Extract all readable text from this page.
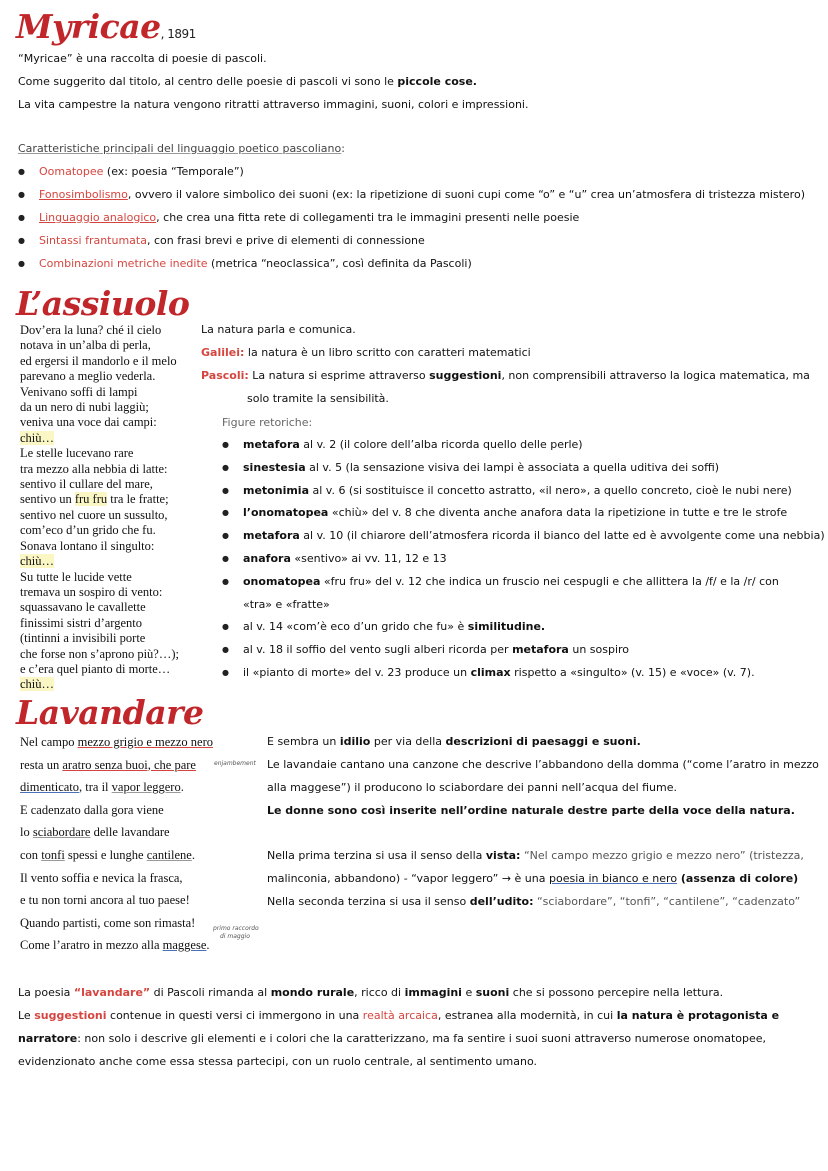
Myricae, 1891
“Myricae” è una raccolta di poesie di pascoli.
Come suggerito dal titolo, al centro delle poesie di pascoli vi sono le piccole cose.
La vita campestre la natura vengono ritratti attraverso immagini, suoni, colori e impressioni.
Caratteristiche principali del linguaggio poetico pascoliano:
● Oomatopee (ex: poesia “Temporale”)
● Fonosimbolismo, ovvero il valore simbolico dei suoni (ex: la ripetizione di suoni cupi come “o” e “u” crea un’atmosfera di tristezza mistero)
● Linguaggio analogico, che crea una fitta rete di collegamenti tra le immagini presenti nelle poesie
● Sintassi frantumata, con frasi brevi e prive di elementi di connessione
● Combinazioni metriche inedite (metrica “neoclassica”, così definita da Pascoli)
L’assiuolo
Dov’era la luna? ché il cielo
notava in un’alba di perla,
ed ergersi il mandorlo e il melo
parevano a meglio vederla.
Venivano soffi di lampi
da un nero di nubi laggiù;
veniva una voce dai campi:
chiù…
Le stelle lucevano rare
tra mezzo alla nebbia di latte:
sentivo il cullare del mare,
sentivo un fru fru tra le fratte;
sentivo nel cuore un sussulto,
com’eco d’un grido che fu.
Sonava lontano il singulto:
chiù…
Su tutte le lucide vette
tremava un sospiro di vento:
squassavano le cavallette
finissimi sistri d’argento
(tintinni a invisibili porte
che forse non s’aprono più?…);
e c’era quel pianto di morte…
chiù…
La natura parla e comunica.
Galilei: la natura è un libro scritto con caratteri matematici
Pascoli: La natura si esprime attraverso suggestioni, non comprensibili attraverso la logica matematica, ma
solo tramite la sensibilità.
Figure retoriche:
● metafora al v. 2 (il colore dell’alba ricorda quello delle perle)
● sinestesia al v. 5 (la sensazione visiva dei lampi è associata a quella uditiva dei soffi)
● metonimia al v. 6 (si sostituisce il concetto astratto, «il nero», a quello concreto, cioè le nubi nere)
● l’onomatopea «chiù» del v. 8 che diventa anche anafora data la ripetizione in tutte e tre le strofe
● metafora al v. 10 (il chiarore dell’atmosfera ricorda il bianco del latte ed è avvolgente come una nebbia)
● anafora «sentivo» ai vv. 11, 12 e 13
● onomatopea «fru fru» del v. 12 che indica un fruscio nei cespugli e che allittera la /f/ e la /r/ con
«tra» e «fratte»
● al v. 14 «com’è eco d’un grido che fu» è similitudine.
● al v. 18 il soffio del vento sugli alberi ricorda per metafora un sospiro
● il «pianto di morte» del v. 23 produce un climax rispetto a «singulto» (v. 15) e «voce» (v. 7).
Lavandare
Nel campo mezzo grigio e mezzo nero
resta un aratro senza buoi, che pare
dimenticato, tra il vapor leggero.
E cadenzato dalla gora viene
lo sciabordare delle lavandare
con tonfi spessi e lunghe cantilene.
Il vento soffia e nevica la frasca,
e tu non torni ancora al tuo paese!
Quando partisti, come son rimasta!
Come l’aratro in mezzo alla maggese.
enjambement
primo raccordo
di maggio
E sembra un idilio per via della descrizioni di paesaggi e suoni.
Le lavandaie cantano una canzone che descrive l’abbandono della domma (“come l’aratro in mezzo
alla maggese”) il producono lo sciabordare dei panni nell’acqua del fiume.
Le donne sono così inserite nell’ordine naturale destre parte della voce della natura.
Nella prima terzina si usa il senso della vista: “Nel campo mezzo grigio e mezzo nero” (tristezza,
malinconia, abbandono) - “vapor leggero” → è una poesia in bianco e nero (assenza di colore)
Nella seconda terzina si usa il senso dell’udito: “sciabordare”, “tonfi”, “cantilene”, “cadenzato”
La poesia “lavandare” di Pascoli rimanda al mondo rurale, ricco di immagini e suoni che si possono percepire nella lettura.
Le suggestioni contenue in questi versi ci immergono in una realtà arcaica, estranea alla modernità, in cui la natura è protagonista e
narratore: non solo i descrive gli elementi e i colori che la caratterizzano, ma fa sentire i suoi suoni attraverso numerose onomatopee,
evidenzionato anche come essa stessa partecipi, con un ruolo centrale, al sentimento umano.
